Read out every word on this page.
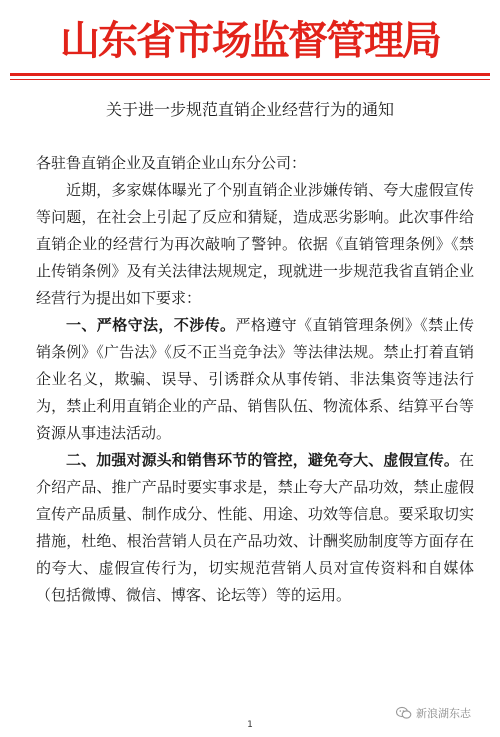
山东省市场监督管理局
关于进一步规范直销企业经营行为的通知

各驻鲁直销企业及直销企业山东分公司：

近期，多家媒体曝光了个别直销企业涉嫌传销、夸大虚假宣传等问题，在社会上引起了反应和猜疑，造成恶劣影响。此次事件给直销企业的经营行为再次敲响了警钟。依据《直销管理条例》《禁止传销条例》及有关法律法规规定，现就进一步规范我省直销企业经营行为提出如下要求：

一、严格守法，不涉传。严格遵守《直销管理条例》《禁止传销条例》《广告法》《反不正当竞争法》等法律法规。禁止打着直销企业名义，欺骗、误导、引诱群众从事传销、非法集资等违法行为，禁止利用直销企业的产品、销售队伍、物流体系、结算平台等资源从事违法活动。

二、加强对源头和销售环节的管控，避免夸大、虚假宣传。在介绍产品、推广产品时要实事求是，禁止夸大产品功效，禁止虚假宣传产品质量、制作成分、性能、用途、功效等信息。要采取切实措施，杜绝、根治营销人员在产品功效、计酬奖励制度等方面存在的夸大、虚假宣传行为，切实规范营销人员对宣传资料和自媒体（包括微博、微信、博客、论坛等）等的运用。

1
新浪湖东志
